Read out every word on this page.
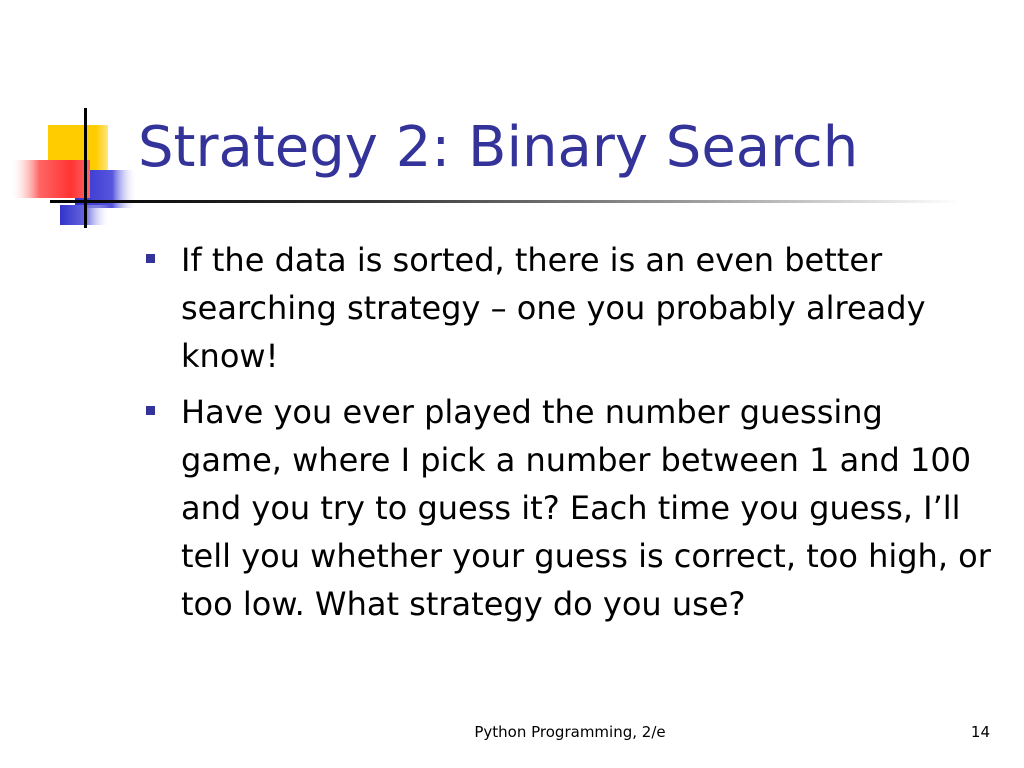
Strategy 2: Binary Search
If the data is sorted, there is an even better searching strategy – one you probably already know!
Have you ever played the number guessing game, where I pick a number between 1 and 100 and you try to guess it? Each time you guess, I’ll tell you whether your guess is correct, too high, or too low. What strategy do you use?
Python Programming, 2/e	14
